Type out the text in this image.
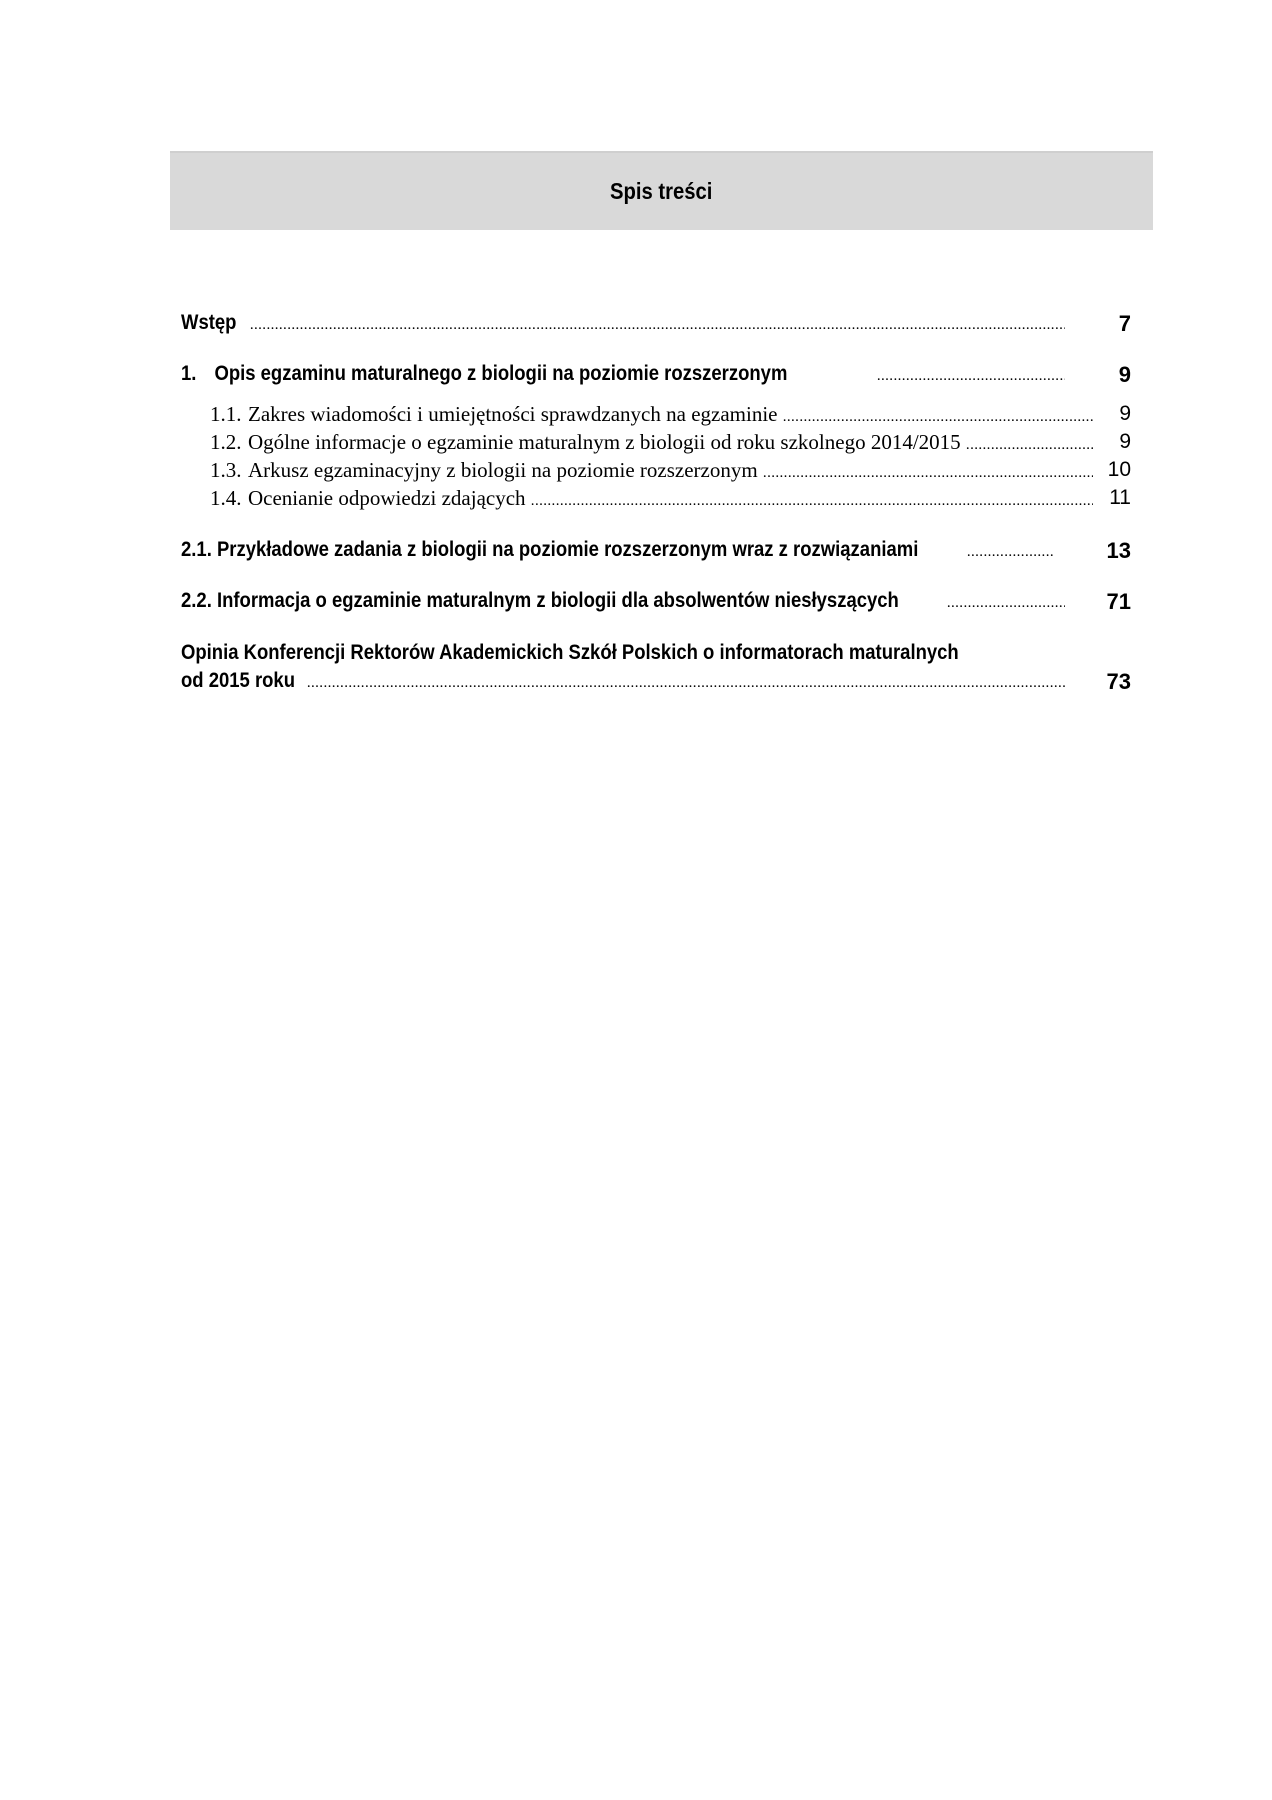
Spis treści
Wstęp .....	7
1. Opis egzaminu maturalnego z biologii na poziomie rozszerzonym .....	9
1.1. Zakres wiadomości i umiejętności sprawdzanych na egzaminie .....	9
1.2. Ogólne informacje o egzaminie maturalnym z biologii od roku szkolnego 2014/2015 .....	9
1.3. Arkusz egzaminacyjny z biologii na poziomie rozszerzonym .....	10
1.4. Ocenianie odpowiedzi zdających .....	11
2.1. Przykładowe zadania z biologii na poziomie rozszerzonym wraz z rozwiązaniami .....	13
2.2. Informacja o egzaminie maturalnym z biologii dla absolwentów niesłyszących .....	71
Opinia Konferencji Rektorów Akademickich Szkół Polskich o informatorach maturalnych
od 2015 roku .....	73
